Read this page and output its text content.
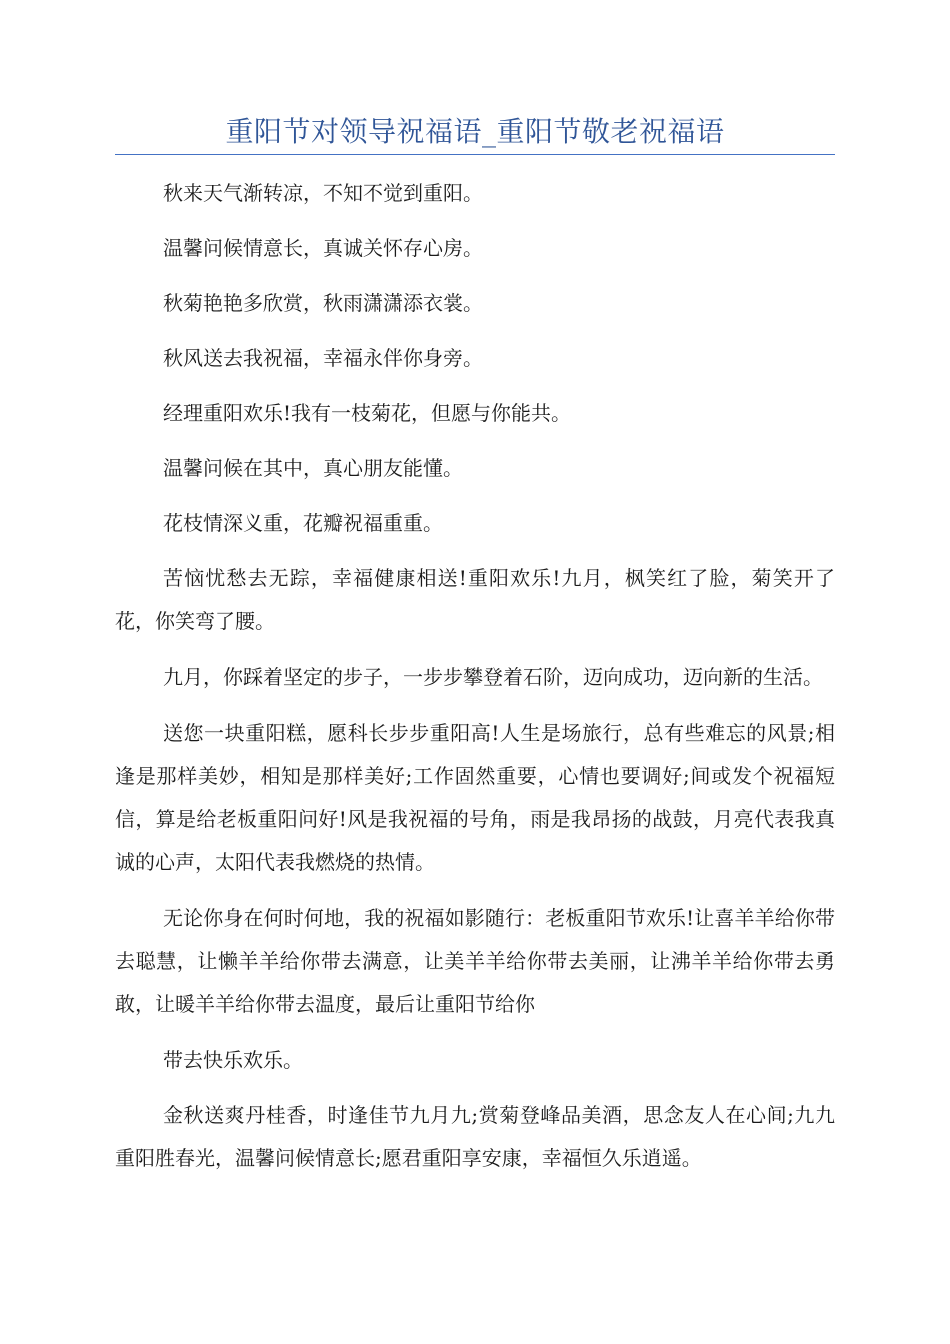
重阳节对领导祝福语_重阳节敬老祝福语

秋来天气渐转凉，不知不觉到重阳。

温馨问候情意长，真诚关怀存心房。

秋菊艳艳多欣赏，秋雨潇潇添衣裳。

秋风送去我祝福，幸福永伴你身旁。

经理重阳欢乐!我有一枝菊花，但愿与你能共。

温馨问候在其中，真心朋友能懂。

花枝情深义重，花瓣祝福重重。

苦恼忧愁去无踪，幸福健康相送!重阳欢乐!九月，枫笑红了脸，菊笑开了花，你笑弯了腰。

九月，你踩着坚定的步子，一步步攀登着石阶，迈向成功，迈向新的生活。

送您一块重阳糕，愿科长步步重阳高!人生是场旅行，总有些难忘的风景;相逢是那样美妙，相知是那样美好;工作固然重要，心情也要调好;间或发个祝福短信，算是给老板重阳问好!风是我祝福的号角，雨是我昂扬的战鼓，月亮代表我真诚的心声，太阳代表我燃烧的热情。

无论你身在何时何地，我的祝福如影随行：老板重阳节欢乐!让喜羊羊给你带去聪慧，让懒羊羊给你带去满意，让美羊羊给你带去美丽，让沸羊羊给你带去勇敢，让暖羊羊给你带去温度，最后让重阳节给你

带去快乐欢乐。

金秋送爽丹桂香，时逢佳节九月九;赏菊登峰品美酒，思念友人在心间;九九重阳胜春光，温馨问候情意长;愿君重阳享安康，幸福恒久乐逍遥。
